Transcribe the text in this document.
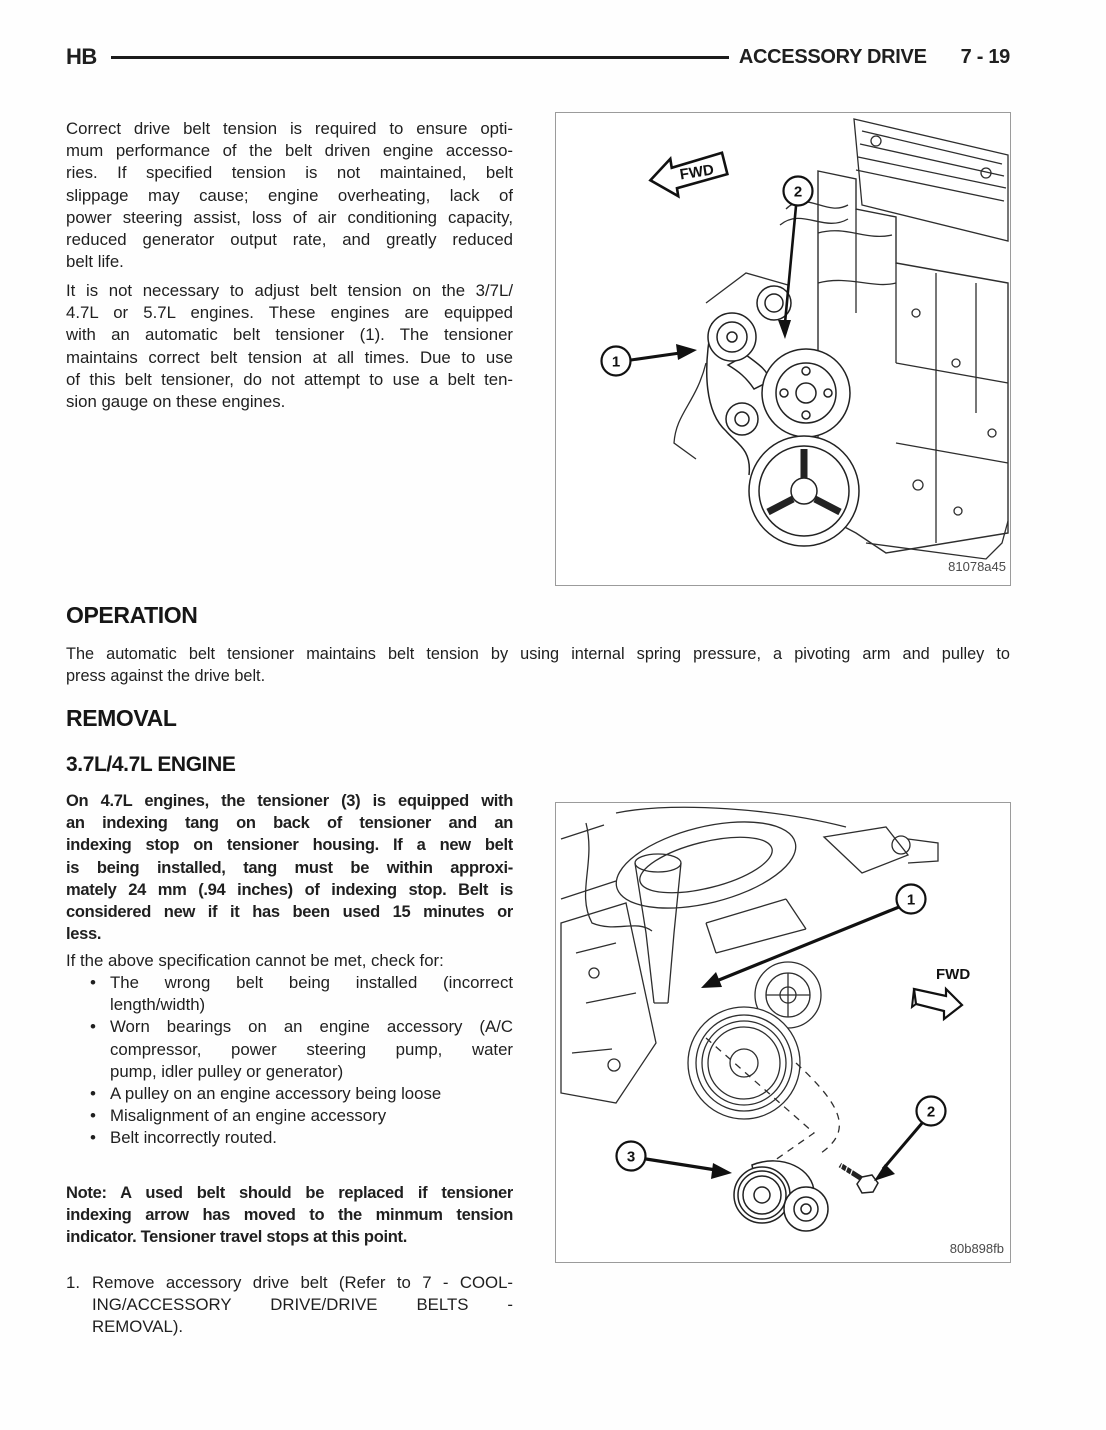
HB	ACCESSORY DRIVE 7 - 19
Correct drive belt tension is required to ensure opti-
mum performance of the belt driven engine accesso-
ries. If specified tension is not maintained, belt
slippage may cause; engine overheating, lack of
power steering assist, loss of air conditioning capacity,
reduced generator output rate, and greatly reduced
belt life.
It is not necessary to adjust belt tension on the 3/7L/
4.7L or 5.7L engines. These engines are equipped
with an automatic belt tensioner (1). The tensioner
maintains correct belt tension at all times. Due to use
of this belt tensioner, do not attempt to use a belt ten-
sion gauge on these engines.
FWD
2
1
81078a45
OPERATION
The automatic belt tensioner maintains belt tension by using internal spring pressure, a pivoting arm and pulley to
press against the drive belt.
REMOVAL
3.7L/4.7L ENGINE
On 4.7L engines, the tensioner (3) is equipped with
an indexing tang on back of tensioner and an
indexing stop on tensioner housing. If a new belt
is being installed, tang must be within approxi-
mately 24 mm (.94 inches) of indexing stop. Belt is
considered new if it has been used 15 minutes or
less.
If the above specification cannot be met, check for:
•
The wrong belt being installed (incorrect
length/width)
•
Worn bearings on an engine accessory (A/C
compressor, power steering pump, water
pump, idler pulley or generator)
•
A pulley on an engine accessory being loose
•
Misalignment of an engine accessory
•
Belt incorrectly routed.
Note: A used belt should be replaced if tensioner
indexing arrow has moved to the minmum tension
indicator. Tensioner travel stops at this point.
1. Remove accessory drive belt (Refer to 7 - COOL-
ING/ACCESSORY DRIVE/DRIVE BELTS -
REMOVAL).
FWD
1
2
3
80b898fb
